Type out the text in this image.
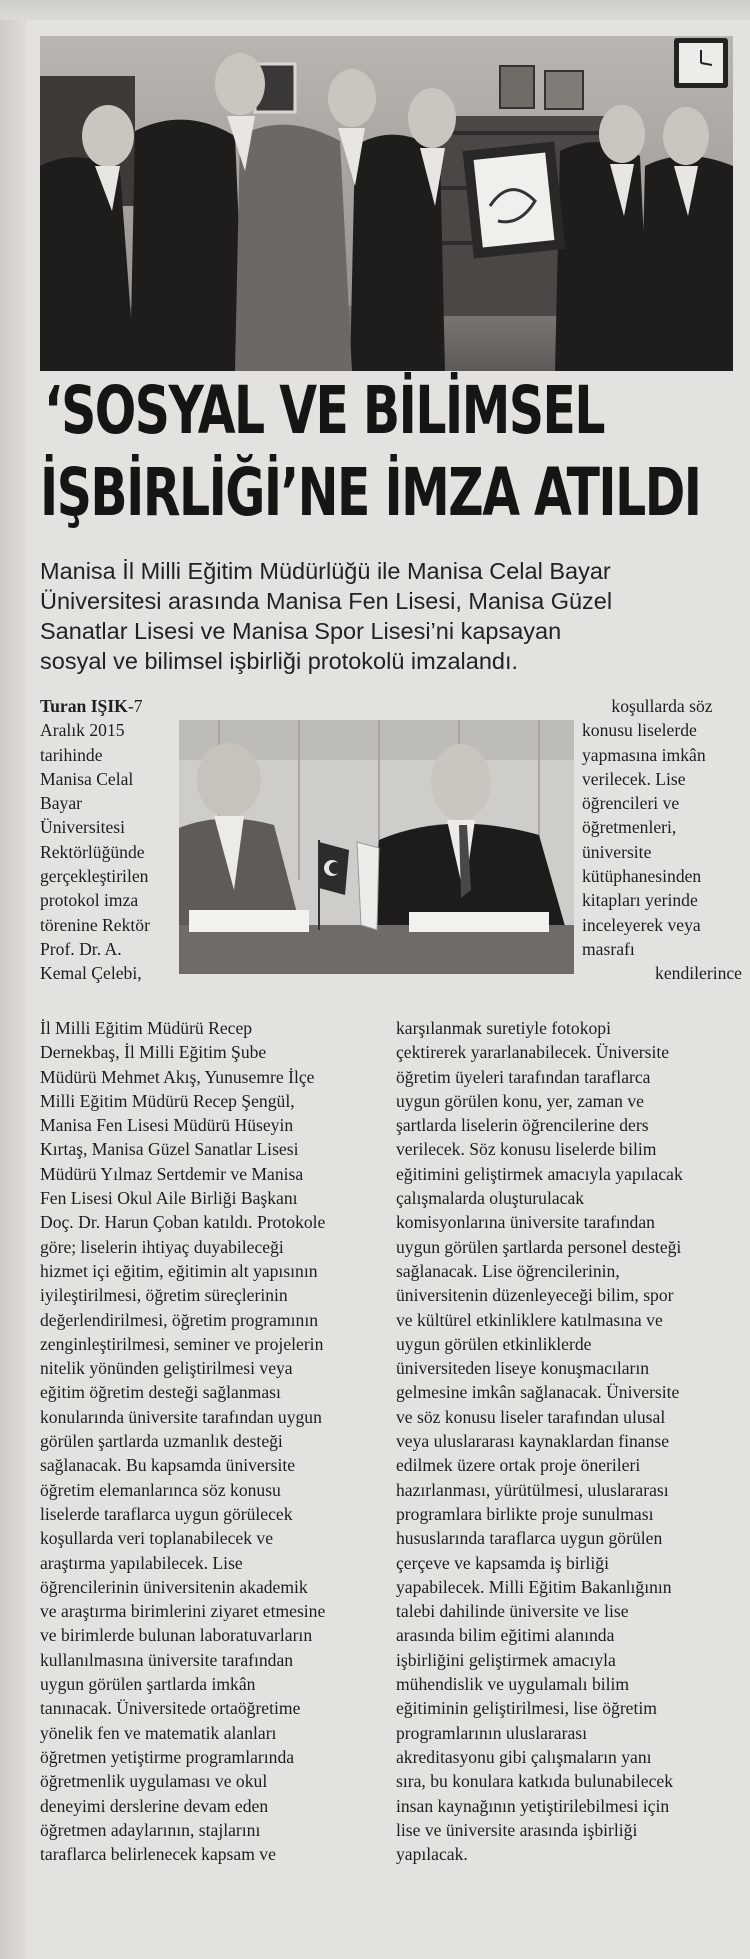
‘SOSYAL VE BİLİMSEL
İŞBİRLİĞİ’NE İMZA ATILDI
Manisa İl Milli Eğitim Müdürlüğü ile Manisa Celal Bayar
Üniversitesi arasında Manisa Fen Lisesi, Manisa Güzel
Sanatlar Lisesi ve Manisa Spor Lisesi’ni kapsayan
sosyal ve bilimsel işbirliği protokolü imzalandı.
Turan IŞIK-7
Aralık 2015
tarihinde
Manisa Celal
Bayar
Üniversitesi
Rektörlüğünde
gerçekleştirilen
protokol imza
törenine Rektör
Prof. Dr. A.
Kemal Çelebi,
koşullarda söz
konusu liselerde
yapmasına imkân
verilecek. Lise
öğrencileri ve
öğretmenleri,
üniversite
kütüphanesinden
kitapları yerinde
inceleyerek veya
masrafı
kendilerince
İl Milli Eğitim Müdürü Recep
Dernekbaş, İl Milli Eğitim Şube
Müdürü Mehmet Akış, Yunusemre İlçe
Milli Eğitim Müdürü Recep Şengül,
Manisa Fen Lisesi Müdürü Hüseyin
Kırtaş, Manisa Güzel Sanatlar Lisesi
Müdürü Yılmaz Sertdemir ve Manisa
Fen Lisesi Okul Aile Birliği Başkanı
Doç. Dr. Harun Çoban katıldı. Protokole
göre; liselerin ihtiyaç duyabileceği
hizmet içi eğitim, eğitimin alt yapısının
iyileştirilmesi, öğretim süreçlerinin
değerlendirilmesi, öğretim programının
zenginleştirilmesi, seminer ve projelerin
nitelik yönünden geliştirilmesi veya
eğitim öğretim desteği sağlanması
konularında üniversite tarafından uygun
görülen şartlarda uzmanlık desteği
sağlanacak. Bu kapsamda üniversite
öğretim elemanlarınca söz konusu
liselerde taraflarca uygun görülecek
koşullarda veri toplanabilecek ve
araştırma yapılabilecek. Lise
öğrencilerinin üniversitenin akademik
ve araştırma birimlerini ziyaret etmesine
ve birimlerde bulunan laboratuvarların
kullanılmasına üniversite tarafından
uygun görülen şartlarda imkân
tanınacak. Üniversitede ortaöğretime
yönelik fen ve matematik alanları
öğretmen yetiştirme programlarında
öğretmenlik uygulaması ve okul
deneyimi derslerine devam eden
öğretmen adaylarının, stajlarını
taraflarca belirlenecek kapsam ve
karşılanmak suretiyle fotokopi
çektirerek yararlanabilecek. Üniversite
öğretim üyeleri tarafından taraflarca
uygun görülen konu, yer, zaman ve
şartlarda liselerin öğrencilerine ders
verilecek. Söz konusu liselerde bilim
eğitimini geliştirmek amacıyla yapılacak
çalışmalarda oluşturulacak
komisyonlarına üniversite tarafından
uygun görülen şartlarda personel desteği
sağlanacak. Lise öğrencilerinin,
üniversitenin düzenleyeceği bilim, spor
ve kültürel etkinliklere katılmasına ve
uygun görülen etkinliklerde
üniversiteden liseye konuşmacıların
gelmesine imkân sağlanacak. Üniversite
ve söz konusu liseler tarafından ulusal
veya uluslararası kaynaklardan finanse
edilmek üzere ortak proje önerileri
hazırlanması, yürütülmesi, uluslararası
programlara birlikte proje sunulması
hususlarında taraflarca uygun görülen
çerçeve ve kapsamda iş birliği
yapabilecek. Milli Eğitim Bakanlığının
talebi dahilinde üniversite ve lise
arasında bilim eğitimi alanında
işbirliğini geliştirmek amacıyla
mühendislik ve uygulamalı bilim
eğitiminin geliştirilmesi, lise öğretim
programlarının uluslararası
akreditasyonu gibi çalışmaların yanı
sıra, bu konulara katkıda bulunabilecek
insan kaynağının yetiştirilebilmesi için
lise ve üniversite arasında işbirliği
yapılacak.
